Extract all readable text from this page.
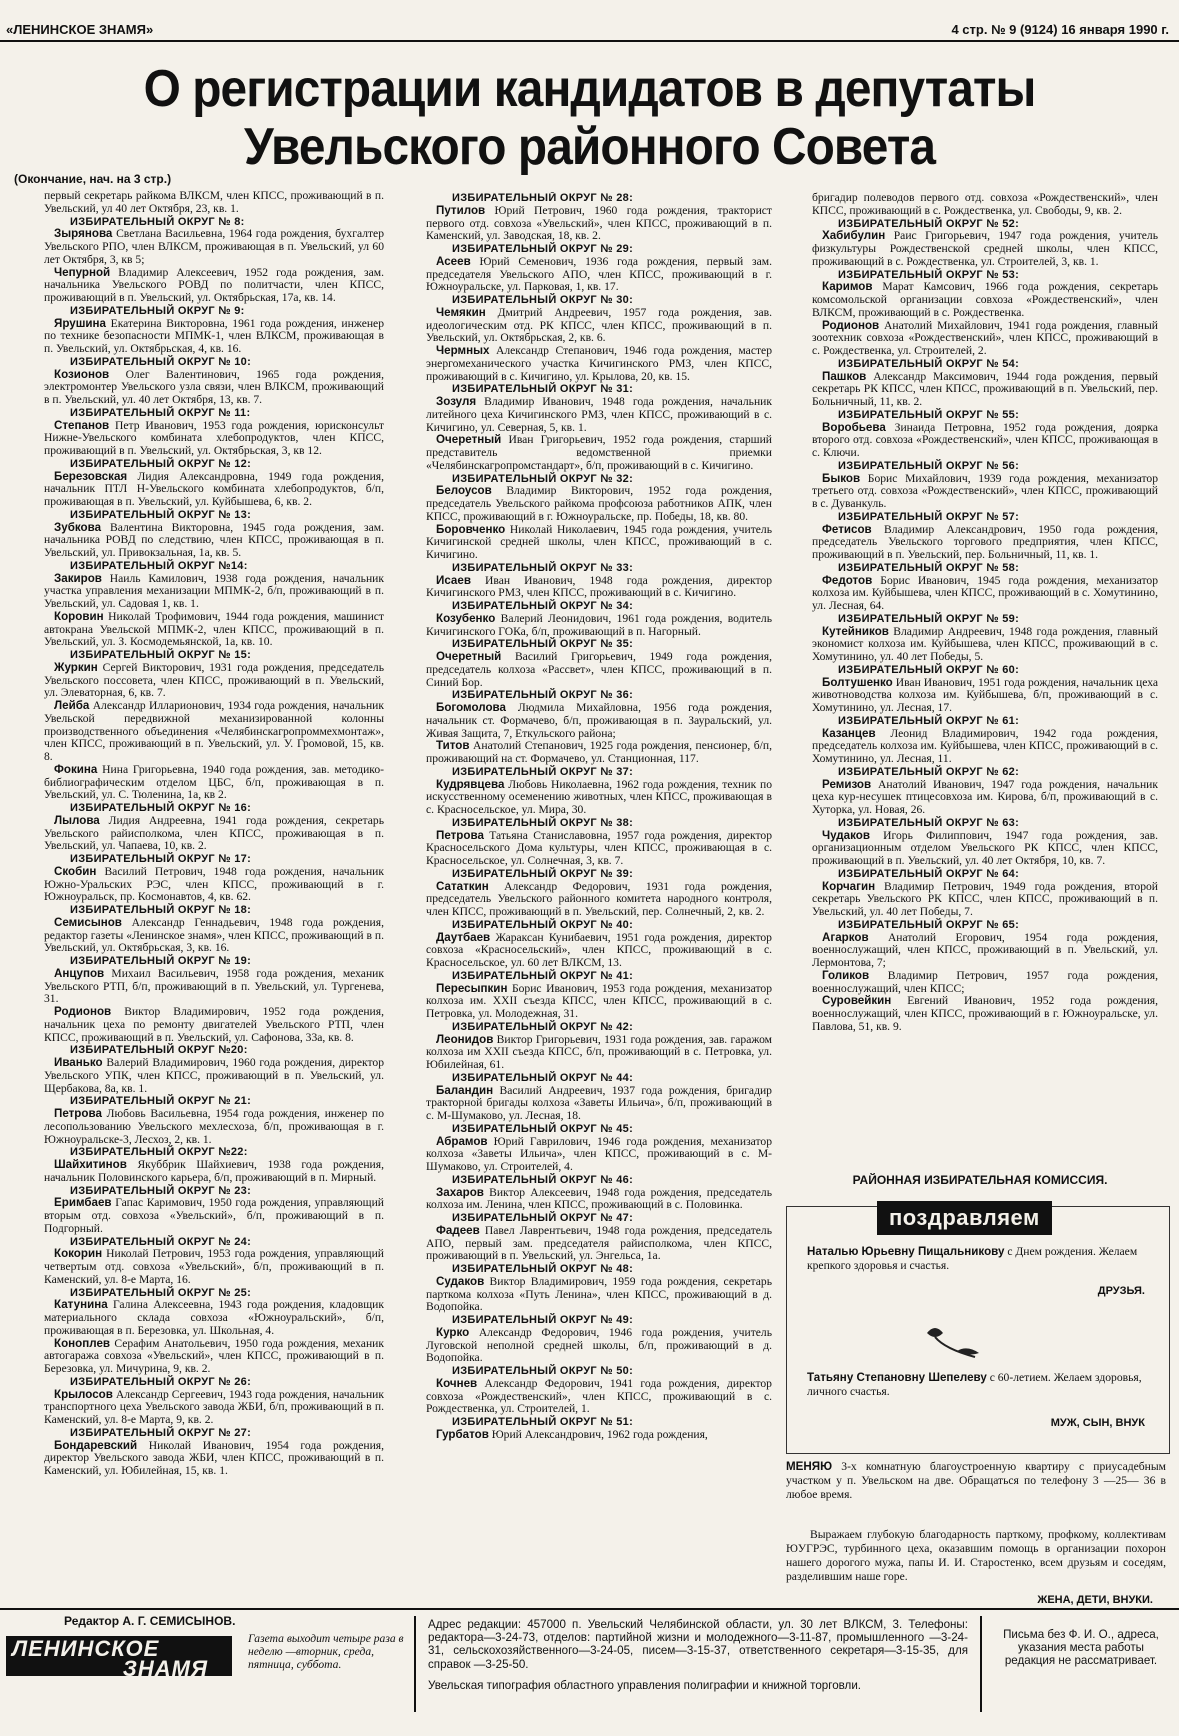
«ЛЕНИНСКОЕ ЗНАМЯ»	4 стр. № 9 (9124) 16 января 1990 г.
О регистрации кандидатов в депутаты
Увельского районного Совета
(Окончание, нач. на 3 стр.)

первый секретарь райкома ВЛКСМ, член КПСС, проживающий в п. Увельский, ул 40 лет Октября, 23, кв. 1.

ИЗБИРАТЕЛЬНЫЙ ОКРУГ № 8:

Зырянова Светлана Васильевна, 1964 года рождения, бухгалтер Увельского РПО, член ВЛКСМ, проживающая в п. Увельский, ул 60 лет Октября, 3, кв 5;

Чепурной Владимир Алексеевич, 1952 года рождения, зам. начальника Увельского РОВД по политчасти, член КПСС, проживающий в п. Увельский, ул. Октябрьская, 17а, кв. 14.

ИЗБИРАТЕЛЬНЫЙ ОКРУГ № 9:

Ярушина Екатерина Викторовна, 1961 года рождения, инженер по технике безопасности МПМК-1, член ВЛКСМ, проживающая в п. Увельский, ул. Октябрьская, 4, кв. 16.

ИЗБИРАТЕЛЬНЫЙ ОКРУГ № 10:

Козионов Олег Валентинович, 1965 года рождения, электромонтер Увельского узла связи, член ВЛКСМ, проживающий в п. Увельский, ул. 40 лет Октября, 13, кв. 7.

ИЗБИРАТЕЛЬНЫЙ ОКРУГ № 11:

Степанов Петр Иванович, 1953 года рождения, юрисконсульт Нижне-Увельского комбината хлебопродуктов, член КПСС, проживающий в п. Увельский, ул. Октябрьская, 3, кв 12.

ИЗБИРАТЕЛЬНЫЙ ОКРУГ № 12:

Березовская Лидия Александровна, 1949 года рождения, начальник ПТЛ Н-Увельского комбината хлебопродуктов, б/п, проживающая в п. Увельский, ул. Куйбышева, 6, кв. 2.

ИЗБИРАТЕЛЬНЫЙ ОКРУГ № 13:

Зубкова Валентина Викторовна, 1945 года рождения, зам. начальника РОВД по следствию, член КПСС, проживающая в п. Увельский, ул. Привокзальная, 1а, кв. 5.

ИЗБИРАТЕЛЬНЫЙ ОКРУГ №14:

Закиров Наиль Камилович, 1938 года рождения, начальник участка управления механизации МПМК-2, б/п, проживающий в п. Увельский, ул. Садовая 1, кв. 1.

Коровин Николай Трофимович, 1944 года рождения, машинист автокрана Увельской МПМК-2, член КПСС, проживающий в п. Увельский, ул. З. Космодемьянской, 1а, кв. 10.

ИЗБИРАТЕЛЬНЫЙ ОКРУГ № 15:

Журкин Сергей Викторович, 1931 года рождения, председатель Увельского поссовета, член КПСС, проживающий в п. Увельский, ул. Элеваторная, 6, кв. 7.

Лейба Александр Илларионович, 1934 года рождения, начальник Увельской передвижной механизированной колонны производственного объединения «Челябинскагропроммехмонтаж», член КПСС, проживающий в п. Увельский, ул. У. Громовой, 15, кв. 8.

Фокина Нина Григорьевна, 1940 года рождения, зав. методико-библиографическим отделом ЦБС, б/п, проживающая в п. Увельский, ул. С. Тюленина, 1а, кв 2.

ИЗБИРАТЕЛЬНЫЙ ОКРУГ № 16:

Лылова Лидия Андреевна, 1941 года рождения, секретарь Увельского райисполкома, член КПСС, проживающая в п. Увельский, ул. Чапаева, 10, кв. 2.

ИЗБИРАТЕЛЬНЫЙ ОКРУГ № 17:

Скобин Василий Петрович, 1948 года рождения, начальник Южно-Уральских РЭС, член КПСС, проживающий в г. Южноуральск, пр. Космонавтов, 4, кв. 62.

ИЗБИРАТЕЛЬНЫЙ ОКРУГ № 18:

Семисынов Александр Геннадьевич, 1948 года рождения, редактор газеты «Ленинское знамя», член КПСС, проживающий в п. Увельский, ул. Октябрьская, 3, кв. 16.

ИЗБИРАТЕЛЬНЫЙ ОКРУГ № 19:

Анцупов Михаил Васильевич, 1958 года рождения, механик Увельского РТП, б/п, проживающий в п. Увельский, ул. Тургенева, 31.

Родионов Виктор Владимирович, 1952 года рождения, начальник цеха по ремонту двигателей Увельского РТП, член КПСС, проживающий в п. Увельский, ул. Сафонова, 33а, кв. 8.

ИЗБИРАТЕЛЬНЫЙ ОКРУГ №20:

Иванько Валерий Владимирович, 1960 года рождения, директор Увельского УПК, член КПСС, проживающий в п. Увельский, ул. Щербакова, 8а, кв. 1.

ИЗБИРАТЕЛЬНЫЙ ОКРУГ № 21:

Петрова Любовь Васильевна, 1954 года рождения, инженер по лесопользованию Увельского мехлесхоза, б/п, проживающая в г. Южноуральске-3, Лесхоз, 2, кв. 1.

ИЗБИРАТЕЛЬНЫЙ ОКРУГ №22:

Шайхитинов Якуббрик Шайхиевич, 1938 года рождения, начальник Половинского карьера, б/п, проживающий в п. Мирный.

ИЗБИРАТЕЛЬНЫЙ ОКРУГ № 23:

Еримбаев Гапас Каримович, 1950 года рождения, управляющий вторым отд. совхоза «Увельский», б/п, проживающий в п. Подгорный.

ИЗБИРАТЕЛЬНЫЙ ОКРУГ № 24:

Кокорин Николай Петрович, 1953 года рождения, управляющий четвертым отд. совхоза «Увельский», б/п, проживающий в п. Каменский, ул. 8-е Марта, 16.

ИЗБИРАТЕЛЬНЫЙ ОКРУГ № 25:

Катунина Галина Алексеевна, 1943 года рождения, кладовщик материального склада совхоза «Южноуральский», б/п, проживающая в п. Березовка, ул. Школьная, 4.

Коноплев Серафим Анатольевич, 1950 года рождения, механик автогаража совхоза «Увельский», член КПСС, проживающий в п. Березовка, ул. Мичурина, 9, кв. 2.

ИЗБИРАТЕЛЬНЫЙ ОКРУГ № 26:

Крылосов Александр Сергеевич, 1943 года рождения, начальник транспортного цеха Увельского завода ЖБИ, б/п, проживающий в п. Каменский, ул. 8-е Марта, 9, кв. 2.

ИЗБИРАТЕЛЬНЫЙ ОКРУГ № 27:

Бондаревский Николай Иванович, 1954 года рождения, директор Увельского завода ЖБИ, член КПСС, проживающий в п. Каменский, ул. Юбилейная, 15, кв. 1.

ИЗБИРАТЕЛЬНЫЙ ОКРУГ № 28:

Путилов Юрий Петрович, 1960 года рождения, тракторист первого отд. совхоза «Увельский», член КПСС, проживающий в п. Каменский, ул. Заводская, 18, кв. 2.

ИЗБИРАТЕЛЬНЫЙ ОКРУГ № 29:

Асеев Юрий Семенович, 1936 года рождения, первый зам. председателя Увельского АПО, член КПСС, проживающий в г. Южноуральске, ул. Парковая, 1, кв. 17.

ИЗБИРАТЕЛЬНЫЙ ОКРУГ № 30:

Чемякин Дмитрий Андреевич, 1957 года рождения, зав. идеологическим отд. РК КПСС, член КПСС, проживающий в п. Увельский, ул. Октябрьская, 2, кв. 6.

Чермных Александр Степанович, 1946 года рождения, мастер энергомеханического участка Кичигинского РМЗ, член КПСС, проживающий в с. Кичигино, ул. Крылова, 20, кв. 15.

ИЗБИРАТЕЛЬНЫЙ ОКРУГ № 31:

Зозуля Владимир Иванович, 1948 года рождения, начальник литейного цеха Кичигинского РМЗ, член КПСС, проживающий в с. Кичигино, ул. Северная, 5, кв. 1.

Очеретный Иван Григорьевич, 1952 года рождения, старший представитель ведомственной приемки «Челябинскагропромстандарт», б/п, проживающий в с. Кичигино.

ИЗБИРАТЕЛЬНЫЙ ОКРУГ № 32:

Белоусов Владимир Викторович, 1952 года рождения, председатель Увельского райкома профсоюза работников АПК, член КПСС, проживающий в г. Южноуральске, пр. Победы, 18, кв. 80.

Боровченко Николай Николаевич, 1945 года рождения, учитель Кичигинской средней школы, член КПСС, проживающий в с. Кичигино.

ИЗБИРАТЕЛЬНЫЙ ОКРУГ № 33:

Исаев Иван Иванович, 1948 года рождения, директор Кичигинского РМЗ, член КПСС, проживающий в с. Кичигино.

ИЗБИРАТЕЛЬНЫЙ ОКРУГ № 34:

Козубенко Валерий Леонидович, 1961 года рождения, водитель Кичигинского ГОКа, б/п, проживающий в п. Нагорный.

ИЗБИРАТЕЛЬНЫЙ ОКРУГ № 35:

Очеретный Василий Григорьевич, 1949 года рождения, председатель колхоза «Рассвет», член КПСС, проживающий в п. Синий Бор.

ИЗБИРАТЕЛЬНЫЙ ОКРУГ № 36:

Богомолова Людмила Михайловна, 1956 года рождения, начальник ст. Формачево, б/п, проживающая в п. Зауральский, ул. Живая Защита, 7, Еткульского района;

Титов Анатолий Степанович, 1925 года рождения, пенсионер, б/п, проживающий на ст. Формачево, ул. Станционная, 117.

ИЗБИРАТЕЛЬНЫЙ ОКРУГ № 37:

Кудрявцева Любовь Николаевна, 1962 года рождения, техник по искусственному осеменению животных, член КПСС, проживающая в с. Красносельское, ул. Мира, 30.

ИЗБИРАТЕЛЬНЫЙ ОКРУГ № 38:

Петрова Татьяна Станиславовна, 1957 года рождения, директор Красносельского Дома культуры, член КПСС, проживающая в с. Красносельское, ул. Солнечная, 3, кв. 7.

ИЗБИРАТЕЛЬНЫЙ ОКРУГ № 39:

Сататкин Александр Федорович, 1931 года рождения, председатель Увельского районного комитета народного контроля, член КПСС, проживающий в п. Увельский, пер. Солнечный, 2, кв. 2.

ИЗБИРАТЕЛЬНЫЙ ОКРУГ № 40:

Даутбаев Жараксан Кунибаевич, 1951 года рождения, директор совхоза «Красносельский», член КПСС, проживающий в с. Красносельское, ул. 60 лет ВЛКСМ, 13.

ИЗБИРАТЕЛЬНЫЙ ОКРУГ № 41:

Пересыпкин Борис Иванович, 1953 года рождения, механизатор колхоза им. XXII съезда КПСС, член КПСС, проживающий в с. Петровка, ул. Молодежная, 31.

ИЗБИРАТЕЛЬНЫЙ ОКРУГ № 42:

Леонидов Виктор Григорьевич, 1931 года рождения, зав. гаражом колхоза им XXII съезда КПСС, б/п, проживающий в с. Петровка, ул. Юбилейная, 61.

ИЗБИРАТЕЛЬНЫЙ ОКРУГ № 44:

Баландин Василий Андреевич, 1937 года рождения, бригадир тракторной бригады колхоза «Заветы Ильича», б/п, проживающий в с. М-Шумаково, ул. Лесная, 18.

ИЗБИРАТЕЛЬНЫЙ ОКРУГ № 45:

Абрамов Юрий Гаврилович, 1946 года рождения, механизатор колхоза «Заветы Ильича», член КПСС, проживающий в с. М-Шумаково, ул. Строителей, 4.

ИЗБИРАТЕЛЬНЫЙ ОКРУГ № 46:

Захаров Виктор Алексеевич, 1948 года рождения, председатель колхоза им. Ленина, член КПСС, проживающий в с. Половинка.

ИЗБИРАТЕЛЬНЫЙ ОКРУГ № 47:

Фадеев Павел Лаврентьевич, 1948 года рождения, председатель АПО, первый зам. председателя райисполкома, член КПСС, проживающий в п. Увельский, ул. Энгельса, 1а.

ИЗБИРАТЕЛЬНЫЙ ОКРУГ № 48:

Судаков Виктор Владимирович, 1959 года рождения, секретарь парткома колхоза «Путь Ленина», член КПСС, проживающий в д. Водопойка.

ИЗБИРАТЕЛЬНЫЙ ОКРУГ № 49:

Курко Александр Федорович, 1946 года рождения, учитель Луговской неполной средней школы, б/п, проживающий в д. Водопойка.

ИЗБИРАТЕЛЬНЫЙ ОКРУГ № 50:

Кочнев Александр Федорович, 1941 года рождения, директор совхоза «Рождественский», член КПСС, проживающий в с. Рождественка, ул. Строителей, 1.

ИЗБИРАТЕЛЬНЫЙ ОКРУГ № 51:

Гурбатов Юрий Александрович, 1962 года рождения,

бригадир полеводов первого отд. совхоза «Рождественский», член КПСС, проживающий в с. Рождественка, ул. Свободы, 9, кв. 2.

ИЗБИРАТЕЛЬНЫЙ ОКРУГ № 52:

Хабибулин Раис Григорьевич, 1947 года рождения, учитель физкультуры Рождественской средней школы, член КПСС, проживающий в с. Рождественка, ул. Строителей, 3, кв. 1.

ИЗБИРАТЕЛЬНЫЙ ОКРУГ № 53:

Каримов Марат Камсович, 1966 года рождения, секретарь комсомольской организации совхоза «Рождественский», член ВЛКСМ, проживающий в с. Рождественка.

Родионов Анатолий Михайлович, 1941 года рождения, главный зоотехник совхоза «Рождественский», член КПСС, проживающий в с. Рождественка, ул. Строителей, 2.

ИЗБИРАТЕЛЬНЫЙ ОКРУГ № 54:

Пашков Александр Максимович, 1944 года рождения, первый секретарь РК КПСС, член КПСС, проживающий в п. Увельский, пер. Больничный, 11, кв. 2.

ИЗБИРАТЕЛЬНЫЙ ОКРУГ № 55:

Воробьева Зинаида Петровна, 1952 года рождения, доярка второго отд. совхоза «Рождественский», член КПСС, проживающая в с. Ключи.

ИЗБИРАТЕЛЬНЫЙ ОКРУГ № 56:

Быков Борис Михайлович, 1939 года рождения, механизатор третьего отд. совхоза «Рождественский», член КПСС, проживающий в с. Дуванкуль.

ИЗБИРАТЕЛЬНЫЙ ОКРУГ № 57:

Фетисов Владимир Александрович, 1950 года рождения, председатель Увельского торгового предприятия, член КПСС, проживающий в п. Увельский, пер. Больничный, 11, кв. 1.

ИЗБИРАТЕЛЬНЫЙ ОКРУГ № 58:

Федотов Борис Иванович, 1945 года рождения, механизатор колхоза им. Куйбышева, член КПСС, проживающий в с. Хомутинино, ул. Лесная, 64.

ИЗБИРАТЕЛЬНЫЙ ОКРУГ № 59:

Кутейников Владимир Андреевич, 1948 года рождения, главный экономист колхоза им. Куйбышева, член КПСС, проживающий в с. Хомутинино, ул. 40 лет Победы, 5.

ИЗБИРАТЕЛЬНЫЙ ОКРУГ № 60:

Болтушенко Иван Иванович, 1951 года рождения, начальник цеха животноводства колхоза им. Куйбышева, б/п, проживающий в с. Хомутинино, ул. Лесная, 17.

ИЗБИРАТЕЛЬНЫЙ ОКРУГ № 61:

Казанцев Леонид Владимирович, 1942 года рождения, председатель колхоза им. Куйбышева, член КПСС, проживающий в с. Хомутинино, ул. Лесная, 11.

ИЗБИРАТЕЛЬНЫЙ ОКРУГ № 62:

Ремизов Анатолий Иванович, 1947 года рождения, начальник цеха кур-несушек птицесовхоза им. Кирова, б/п, проживающий в с. Хуторка, ул. Новая, 26.

ИЗБИРАТЕЛЬНЫЙ ОКРУГ № 63:

Чудаков Игорь Филиппович, 1947 года рождения, зав. организационным отделом Увельского РК КПСС, член КПСС, проживающий в п. Увельский, ул. 40 лет Октября, 10, кв. 7.

ИЗБИРАТЕЛЬНЫЙ ОКРУГ № 64:

Корчагин Владимир Петрович, 1949 года рождения, второй секретарь Увельского РК КПСС, член КПСС, проживающий в п. Увельский, ул. 40 лет Победы, 7.

ИЗБИРАТЕЛЬНЫЙ ОКРУГ № 65:

Агарков Анатолий Егорович, 1954 года рождения, военнослужащий, член КПСС, проживающий в п. Увельский, ул. Лермонтова, 7;

Голиков Владимир Петрович, 1957 года рождения, военнослужащий, член КПСС;

Суровейкин Евгений Иванович, 1952 года рождения, военнослужащий, член КПСС, проживающий в г. Южноуральске, ул. Павлова, 51, кв. 9.

РАЙОННАЯ ИЗБИРАТЕЛЬНАЯ КОМИССИЯ.
поздравляем
Наталью Юрьевну Пищальникову с Днем рождения. Желаем крепкого здоровья и счастья.
ДРУЗЬЯ.
Татьяну Степановну Шепелеву с 60-летием. Желаем здоровья, личного счастья.
МУЖ, СЫН, ВНУК
МЕНЯЮ 3-х комнатную благоустроенную квартиру с приусадебным участком у п. Увельском на две. Обращаться по телефону 3 —25— 36 в любое время.
Выражаем глубокую благодарность парткому, профкому, коллективам ЮУГРЭС, турбинного цеха, оказавшим помощь в организации похорон нашего дорогого мужа, папы И. И. Старостенко, всем друзьям и соседям, разделившим наше горе.
ЖЕНА, ДЕТИ, ВНУКИ.
Редактор А. Г. СЕМИСЫНОВ.
ЛЕНИНСКОЕ
ЗНАМЯ
Газета выходит четыре раза в неделю —вторник, среда, пятница, суббота.

Адрес редакции: 457000 п. Увельский Челябинской области, ул. 30 лет ВЛКСМ, 3. Телефоны: редактора—3-24-73, отделов: партийной жизни и молодежного—3-11-87, промышленного —3-24-31, сельскохозяйственного—3-24-05, писем—3-15-37, ответственного секретаря—3-15-35, для справок —3-25-50.

Увельская типография областного управления полиграфии и книжной торговли.

Письма без Ф. И. О., адреса, указания места работы редакция не рассматривает.
